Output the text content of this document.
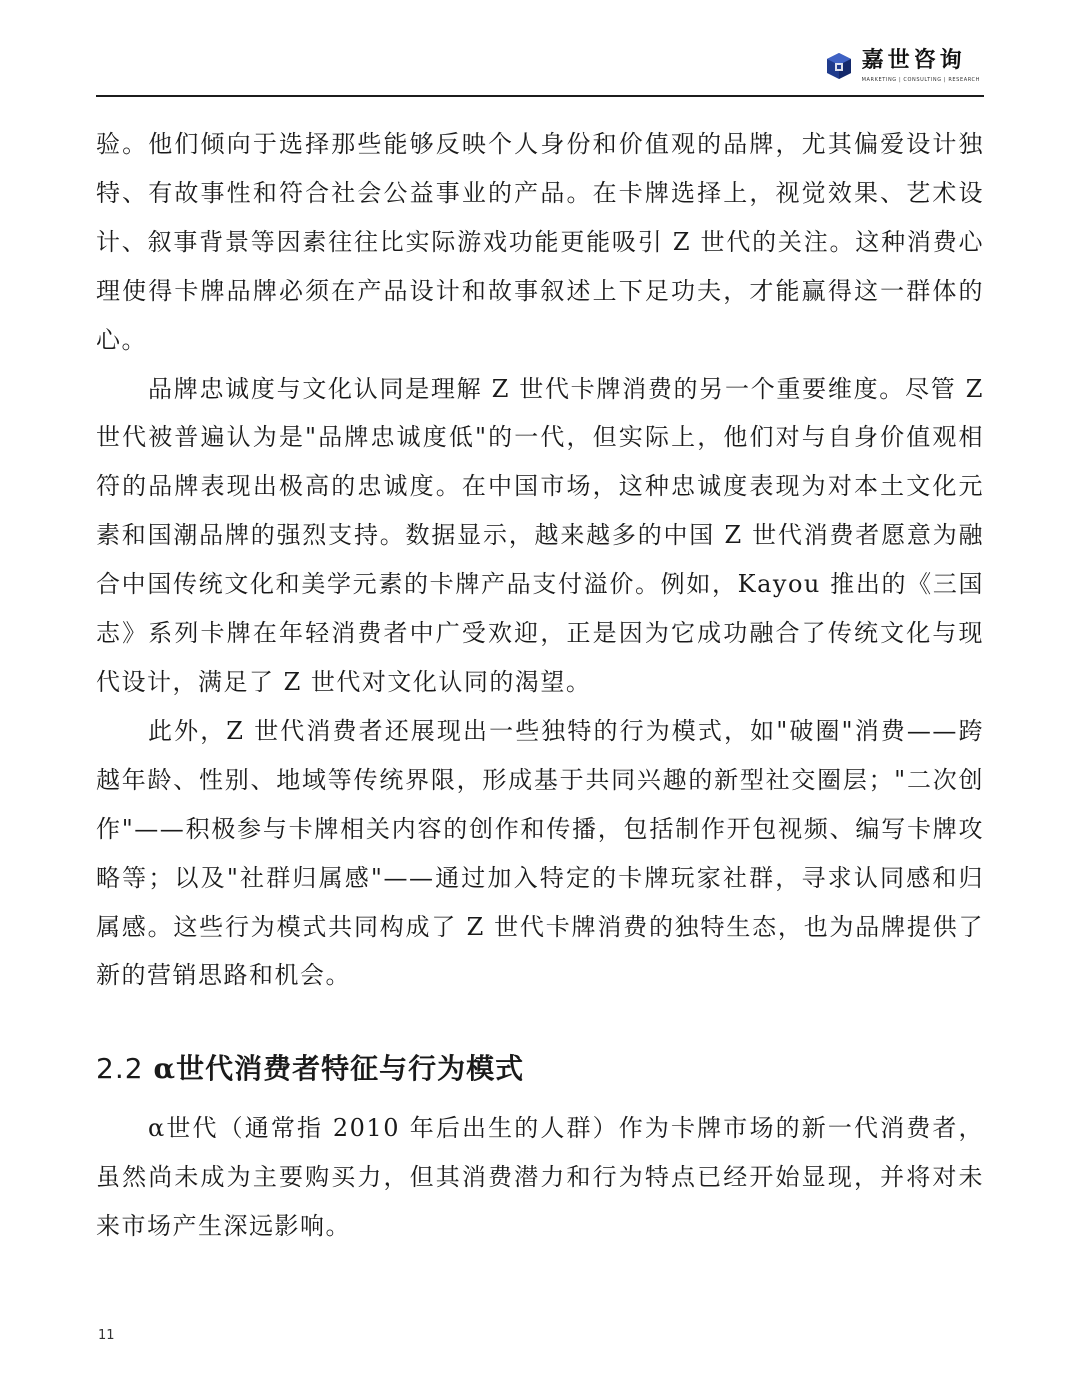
嘉世咨询
MARKETING | CONSULTING | RESEARCH

验。他们倾向于选择那些能够反映个人身份和价值观的品牌，尤其偏爱设计独特、有故事性和符合社会公益事业的产品。在卡牌选择上，视觉效果、艺术设计、叙事背景等因素往往比实际游戏功能更能吸引 Z 世代的关注。这种消费心理使得卡牌品牌必须在产品设计和故事叙述上下足功夫，才能赢得这一群体的心。

品牌忠诚度与文化认同是理解 Z 世代卡牌消费的另一个重要维度。尽管 Z 世代被普遍认为是"品牌忠诚度低"的一代，但实际上，他们对与自身价值观相符的品牌表现出极高的忠诚度。在中国市场，这种忠诚度表现为对本土文化元素和国潮品牌的强烈支持。数据显示，越来越多的中国 Z 世代消费者愿意为融合中国传统文化和美学元素的卡牌产品支付溢价。例如，Kayou 推出的《三国志》系列卡牌在年轻消费者中广受欢迎，正是因为它成功融合了传统文化与现代设计，满足了 Z 世代对文化认同的渴望。

此外，Z 世代消费者还展现出一些独特的行为模式，如"破圈"消费——跨越年龄、性别、地域等传统界限，形成基于共同兴趣的新型社交圈层；"二次创作"——积极参与卡牌相关内容的创作和传播，包括制作开包视频、编写卡牌攻略等；以及"社群归属感"——通过加入特定的卡牌玩家社群，寻求认同感和归属感。这些行为模式共同构成了 Z 世代卡牌消费的独特生态，也为品牌提供了新的营销思路和机会。

2.2 α世代消费者特征与行为模式

α世代（通常指 2010 年后出生的人群）作为卡牌市场的新一代消费者，虽然尚未成为主要购买力，但其消费潜力和行为特点已经开始显现，并将对未来市场产生深远影响。

11
